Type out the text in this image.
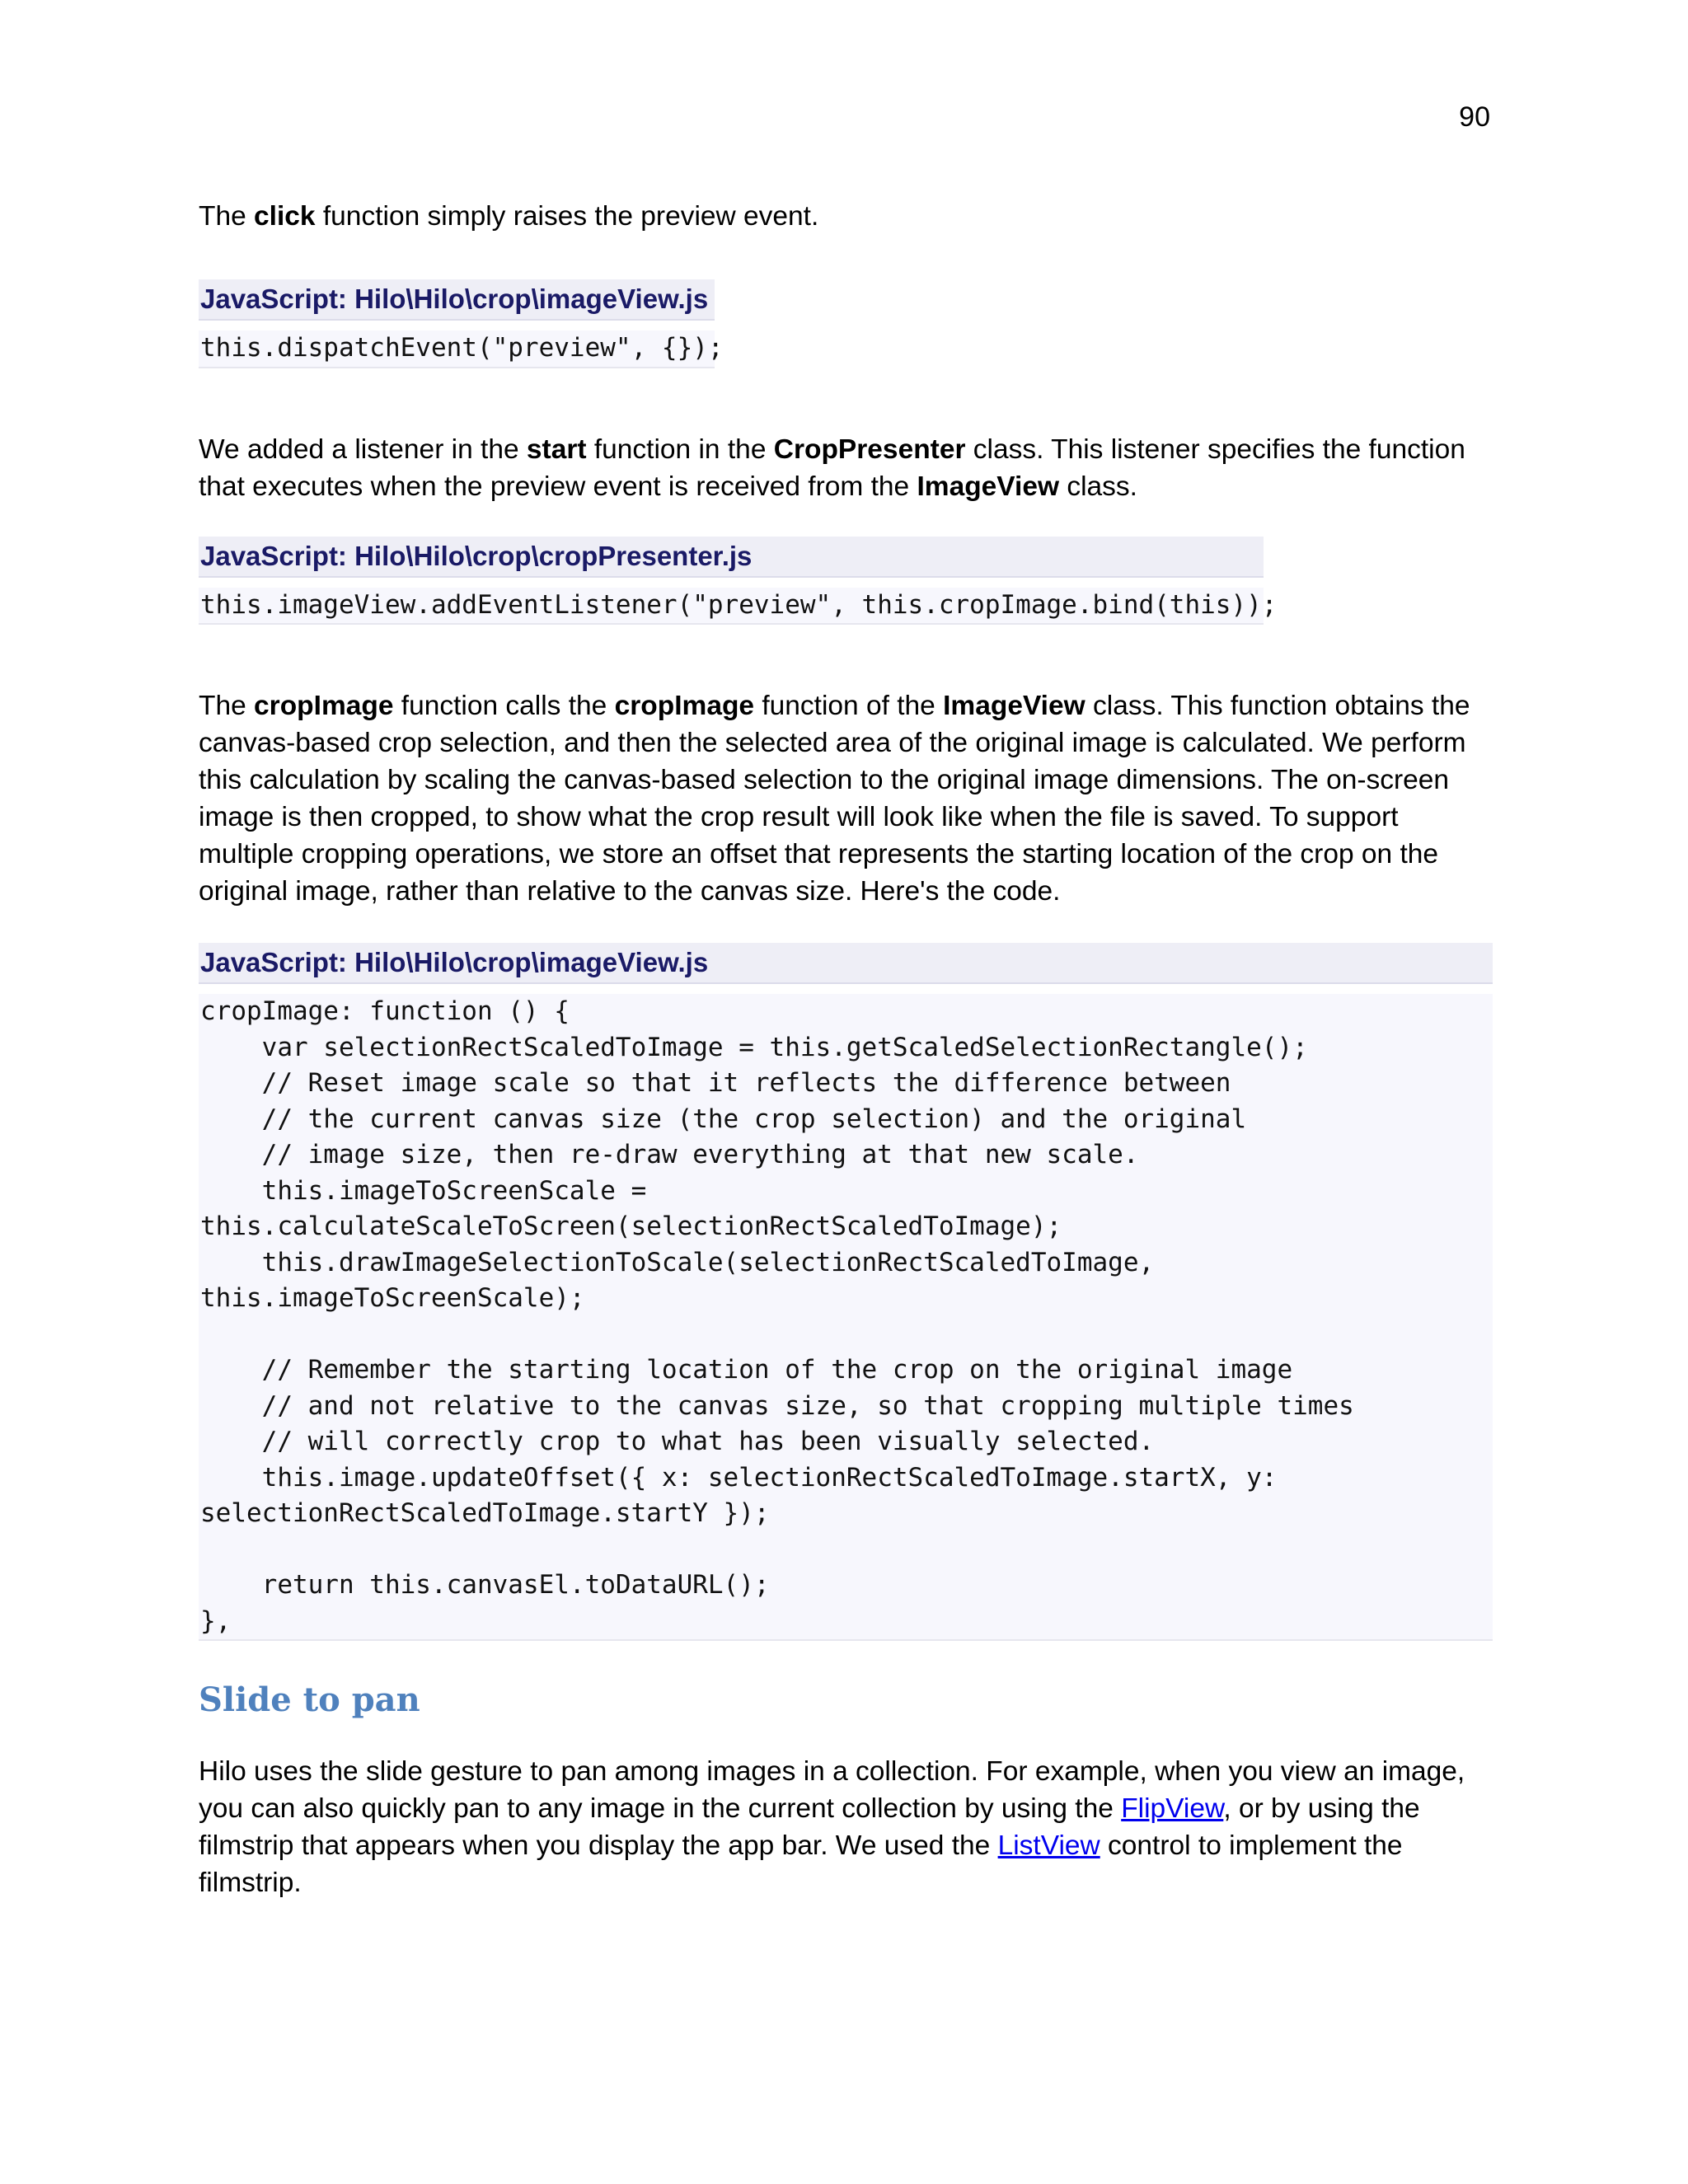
90

The click function simply raises the preview event.

JavaScript: Hilo\Hilo\crop\imageView.js
this.dispatchEvent("preview", {});

We added a listener in the start function in the CropPresenter class. This listener specifies the function that executes when the preview event is received from the ImageView class.

JavaScript: Hilo\Hilo\crop\cropPresenter.js
this.imageView.addEventListener("preview", this.cropImage.bind(this));

The cropImage function calls the cropImage function of the ImageView class. This function obtains the canvas-based crop selection, and then the selected area of the original image is calculated. We perform this calculation by scaling the canvas-based selection to the original image dimensions. The on-screen image is then cropped, to show what the crop result will look like when the file is saved. To support multiple cropping operations, we store an offset that represents the starting location of the crop on the original image, rather than relative to the canvas size. Here's the code.

JavaScript: Hilo\Hilo\crop\imageView.js
cropImage: function () {
var selectionRectScaledToImage = this.getScaledSelectionRectangle();
// Reset image scale so that it reflects the difference between
// the current canvas size (the crop selection) and the original
// image size, then re-draw everything at that new scale.
this.imageToScreenScale =
this.calculateScaleToScreen(selectionRectScaledToImage);
this.drawImageSelectionToScale(selectionRectScaledToImage,
this.imageToScreenScale);

// Remember the starting location of the crop on the original image
// and not relative to the canvas size, so that cropping multiple times
// will correctly crop to what has been visually selected.
this.image.updateOffset({ x: selectionRectScaledToImage.startX, y:
selectionRectScaledToImage.startY });

return this.canvasEl.toDataURL();
},
Slide to pan

Hilo uses the slide gesture to pan among images in a collection. For example, when you view an image, you can also quickly pan to any image in the current collection by using the FlipView, or by using the filmstrip that appears when you display the app bar. We used the ListView control to implement the filmstrip.
